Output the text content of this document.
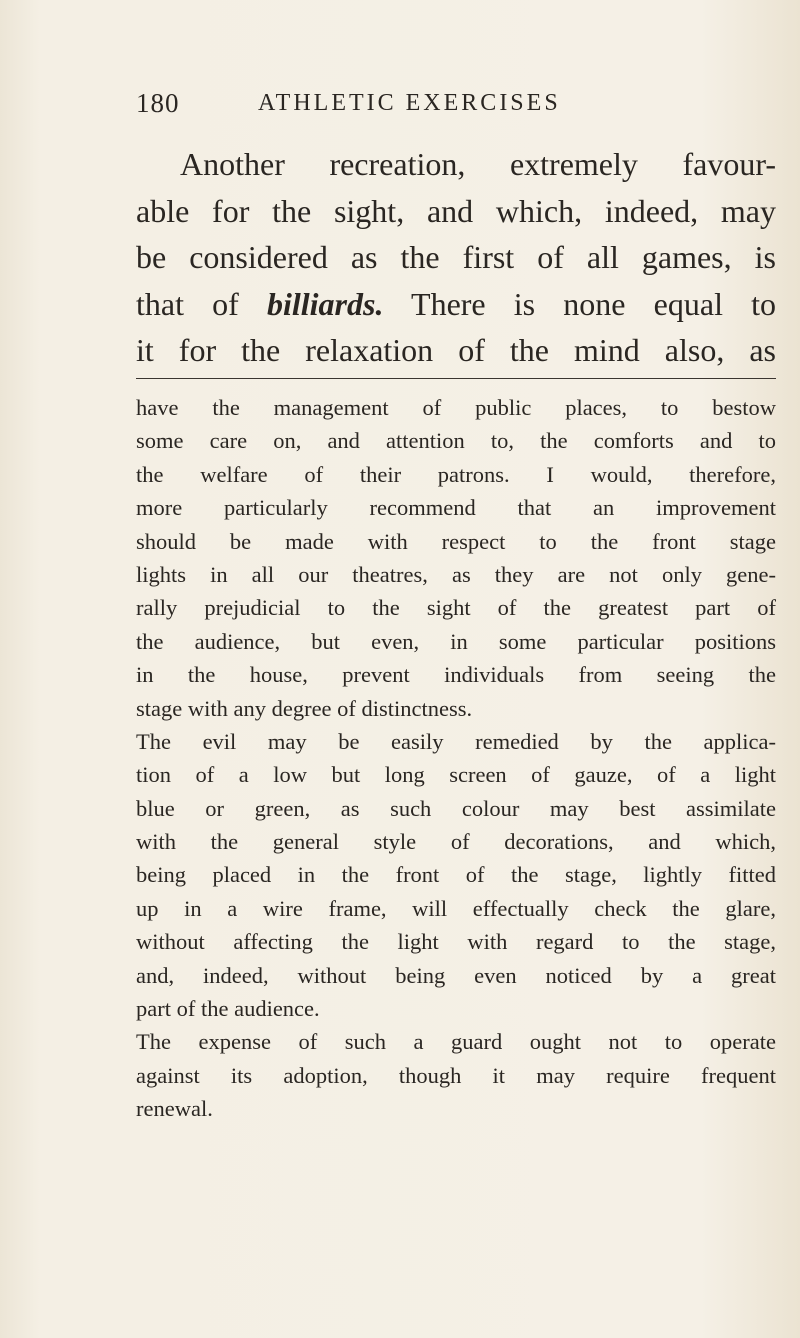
180	ATHLETIC EXERCISES
Another recreation, extremely favour-
able for the sight, and which, indeed, may
be considered as the first of all games, is
that of billiards. There is none equal to
it for the relaxation of the mind also, as
have the management of public places, to bestow
some care on, and attention to, the comforts and to
the welfare of their patrons. I would, therefore,
more particularly recommend that an improvement
should be made with respect to the front stage
lights in all our theatres, as they are not only gene-
rally prejudicial to the sight of the greatest part of
the audience, but even, in some particular positions
in the house, prevent individuals from seeing the
stage with any degree of distinctness.
The evil may be easily remedied by the applica-
tion of a low but long screen of gauze, of a light
blue or green, as such colour may best assimilate
with the general style of decorations, and which,
being placed in the front of the stage, lightly fitted
up in a wire frame, will effectually check the glare,
without affecting the light with regard to the stage,
and, indeed, without being even noticed by a great
part of the audience.
The expense of such a guard ought not to operate
against its adoption, though it may require frequent
renewal.
